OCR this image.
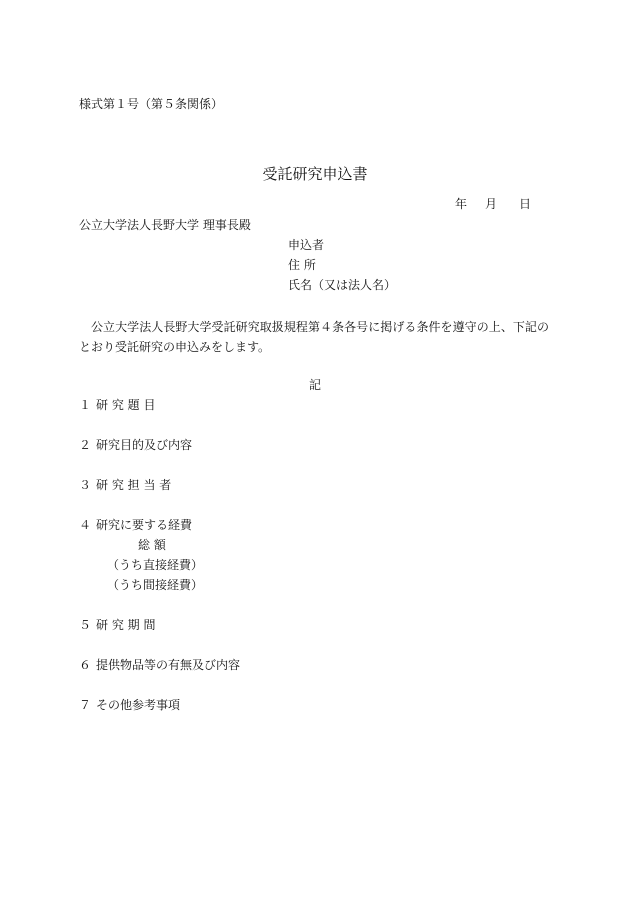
様式第１号（第５条関係）
受託研究申込書
年 月 日
公立大学法人長野大学 理事長殿
申込者
住 所
氏名（又は法人名）
公立大学法人長野大学受託研究取扱規程第４条各号に掲げる条件を遵守の上、下記のとおり受託研究の申込みをします。
記
１ 研 究 題 目
２ 研究目的及び内容
３ 研 究 担 当 者
４ 研究に要する経費
総 額
（うち直接経費）
（うち間接経費）
５ 研 究 期 間
６ 提供物品等の有無及び内容
７ その他参考事項
